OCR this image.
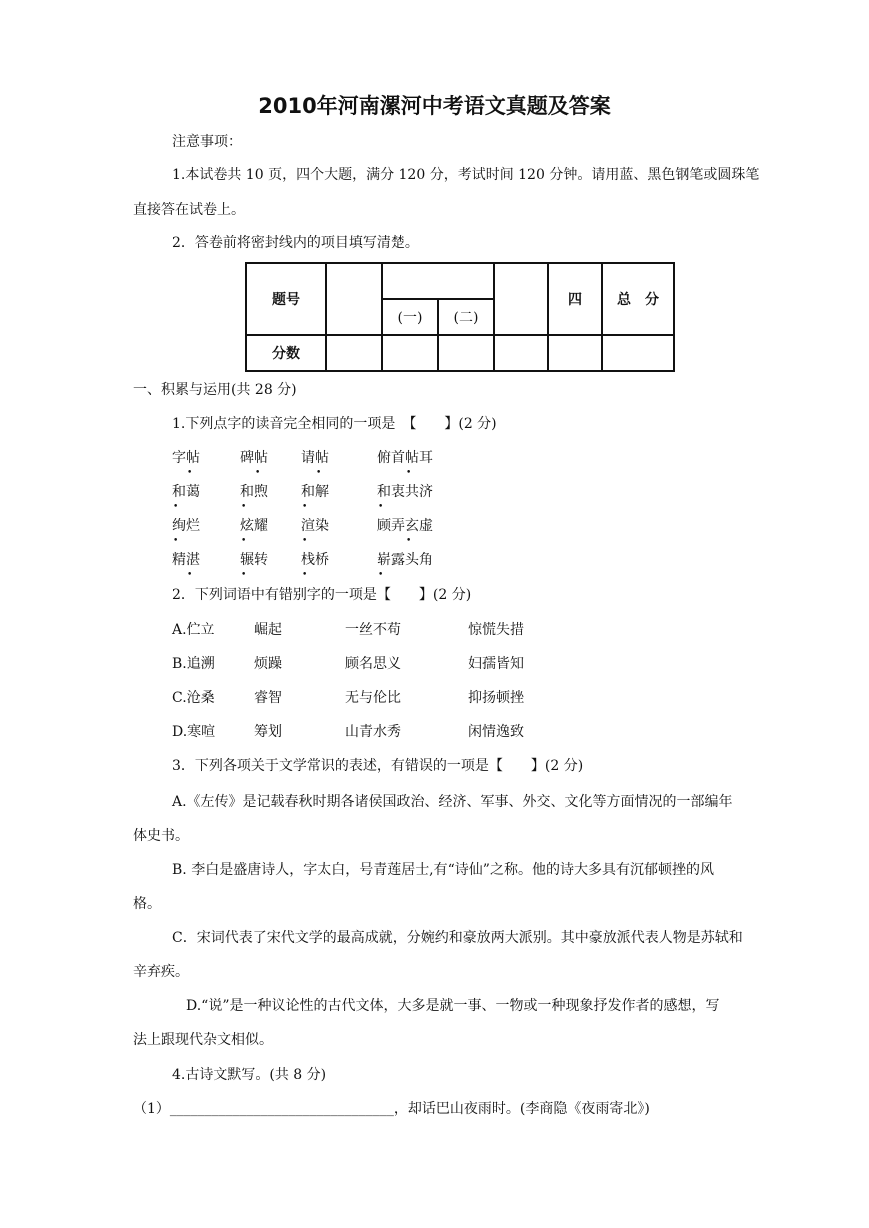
2010年河南漯河中考语文真题及答案
注意事项：
1.本试卷共 10 页，四个大题，满分 120 分，考试时间 120 分钟。请用蓝、黑色钢笔或圆珠笔
直接答在试卷上。
2．答卷前将密封线内的项目填写清楚。
题号					四	总　分
		(一)	(二)			
分数						
一、积累与运用(共 28 分)
1.下列点字的读音完全相同的一项是　【　　】(2 分)
字帖	碑帖 请帖	俯首帖耳
和蔼	和煦 和解	和衷共济
绚烂	炫耀 渲染	顾弄玄虚
精湛	辗转 栈桥	崭露头角
•	•	•	•
•	•	•	•
•	•	•	•
•	•	•	•
2．下列词语中有错别字的一项是【　　】(2 分)
A.伫立	崛起	一丝不苟	惊慌失措
B.追溯	烦躁	顾名思义	妇孺皆知
C.沧桑	睿智	无与伦比	抑扬顿挫
D.寒喧	筹划	山青水秀	闲情逸致
3．下列各项关于文学常识的表述，有错误的一项是【　　】(2 分)
A.《左传》是记载春秋时期各诸侯国政治、经济、军事、外交、文化等方面情况的一部编年
体史书。
B. 李白是盛唐诗人，字太白，号青莲居士,有“诗仙”之称。他的诗大多具有沉郁顿挫的风
格。
C．宋词代表了宋代文学的最高成就，分婉约和豪放两大派别。其中豪放派代表人物是苏轼和
辛弃疾。
D.“说”是一种议论性的古代文体，大多是就一事、一物或一种现象抒发作者的感想，写
法上跟现代杂文相似。
4.古诗文默写。(共 8 分)
（1）________________________________，却话巴山夜雨时。(李商隐《夜雨寄北》)
